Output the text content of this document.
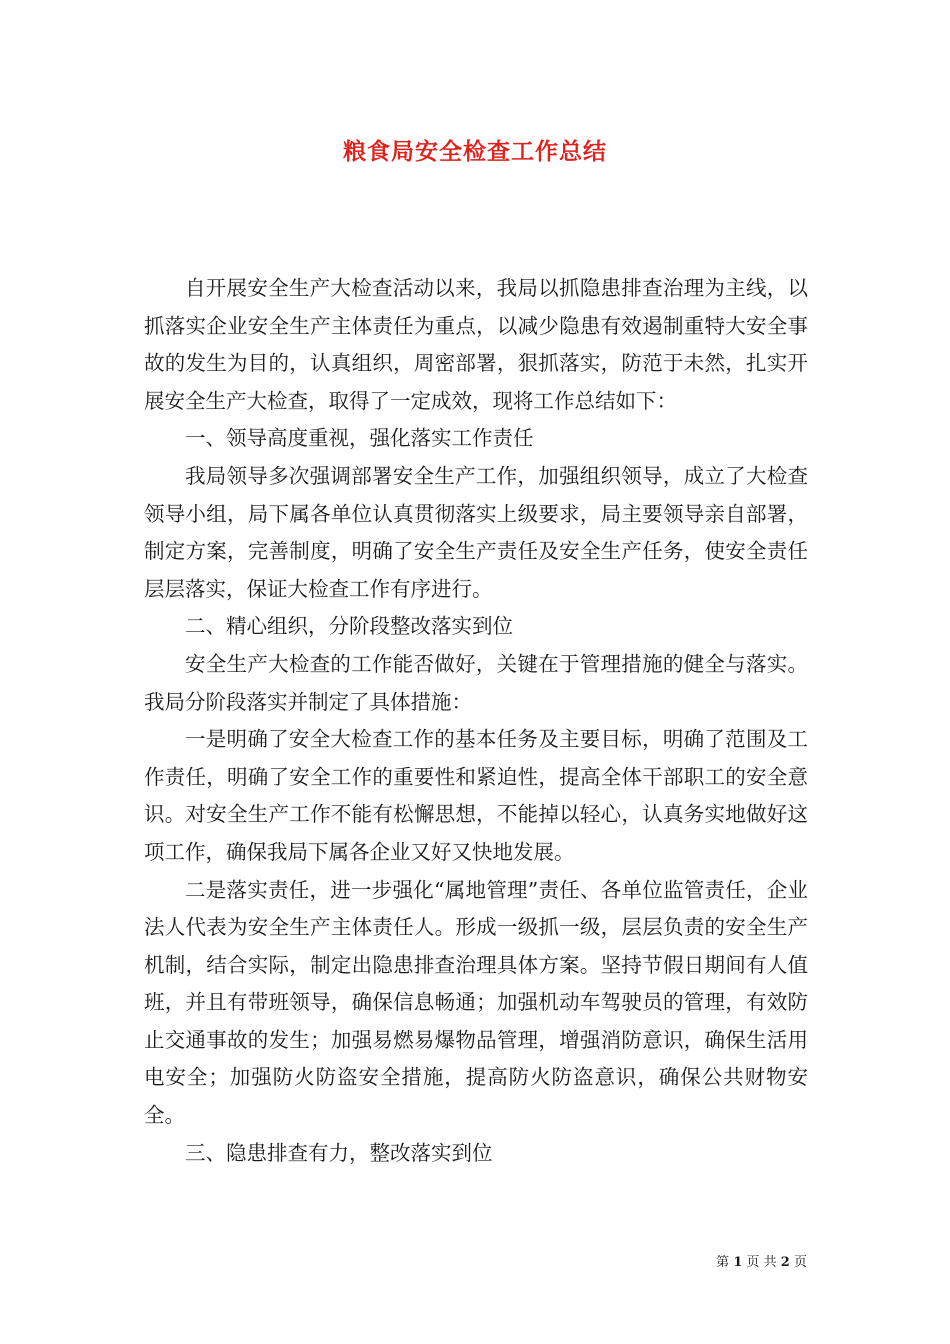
粮食局安全检查工作总结

自开展安全生产大检查活动以来，我局以抓隐患排查治理为主线，以抓落实企业安全生产主体责任为重点，以减少隐患有效遏制重特大安全事故的发生为目的，认真组织，周密部署，狠抓落实，防范于未然，扎实开展安全生产大检查，取得了一定成效，现将工作总结如下：

一、领导高度重视，强化落实工作责任

我局领导多次强调部署安全生产工作，加强组织领导，成立了大检查领导小组，局下属各单位认真贯彻落实上级要求，局主要领导亲自部署，制定方案，完善制度，明确了安全生产责任及安全生产任务，使安全责任层层落实，保证大检查工作有序进行。

二、精心组织，分阶段整改落实到位

安全生产大检查的工作能否做好，关键在于管理措施的健全与落实。我局分阶段落实并制定了具体措施：

一是明确了安全大检查工作的基本任务及主要目标，明确了范围及工作责任，明确了安全工作的重要性和紧迫性，提高全体干部职工的安全意识。对安全生产工作不能有松懈思想，不能掉以轻心，认真务实地做好这项工作，确保我局下属各企业又好又快地发展。

二是落实责任，进一步强化“属地管理”责任、各单位监管责任，企业法人代表为安全生产主体责任人。形成一级抓一级，层层负责的安全生产机制，结合实际，制定出隐患排查治理具体方案。坚持节假日期间有人值班，并且有带班领导，确保信息畅通；加强机动车驾驶员的管理，有效防止交通事故的发生；加强易燃易爆物品管理，增强消防意识，确保生活用电安全；加强防火防盗安全措施，提高防火防盗意识，确保公共财物安全。

三、隐患排查有力，整改落实到位

第 1 页 共 2 页
